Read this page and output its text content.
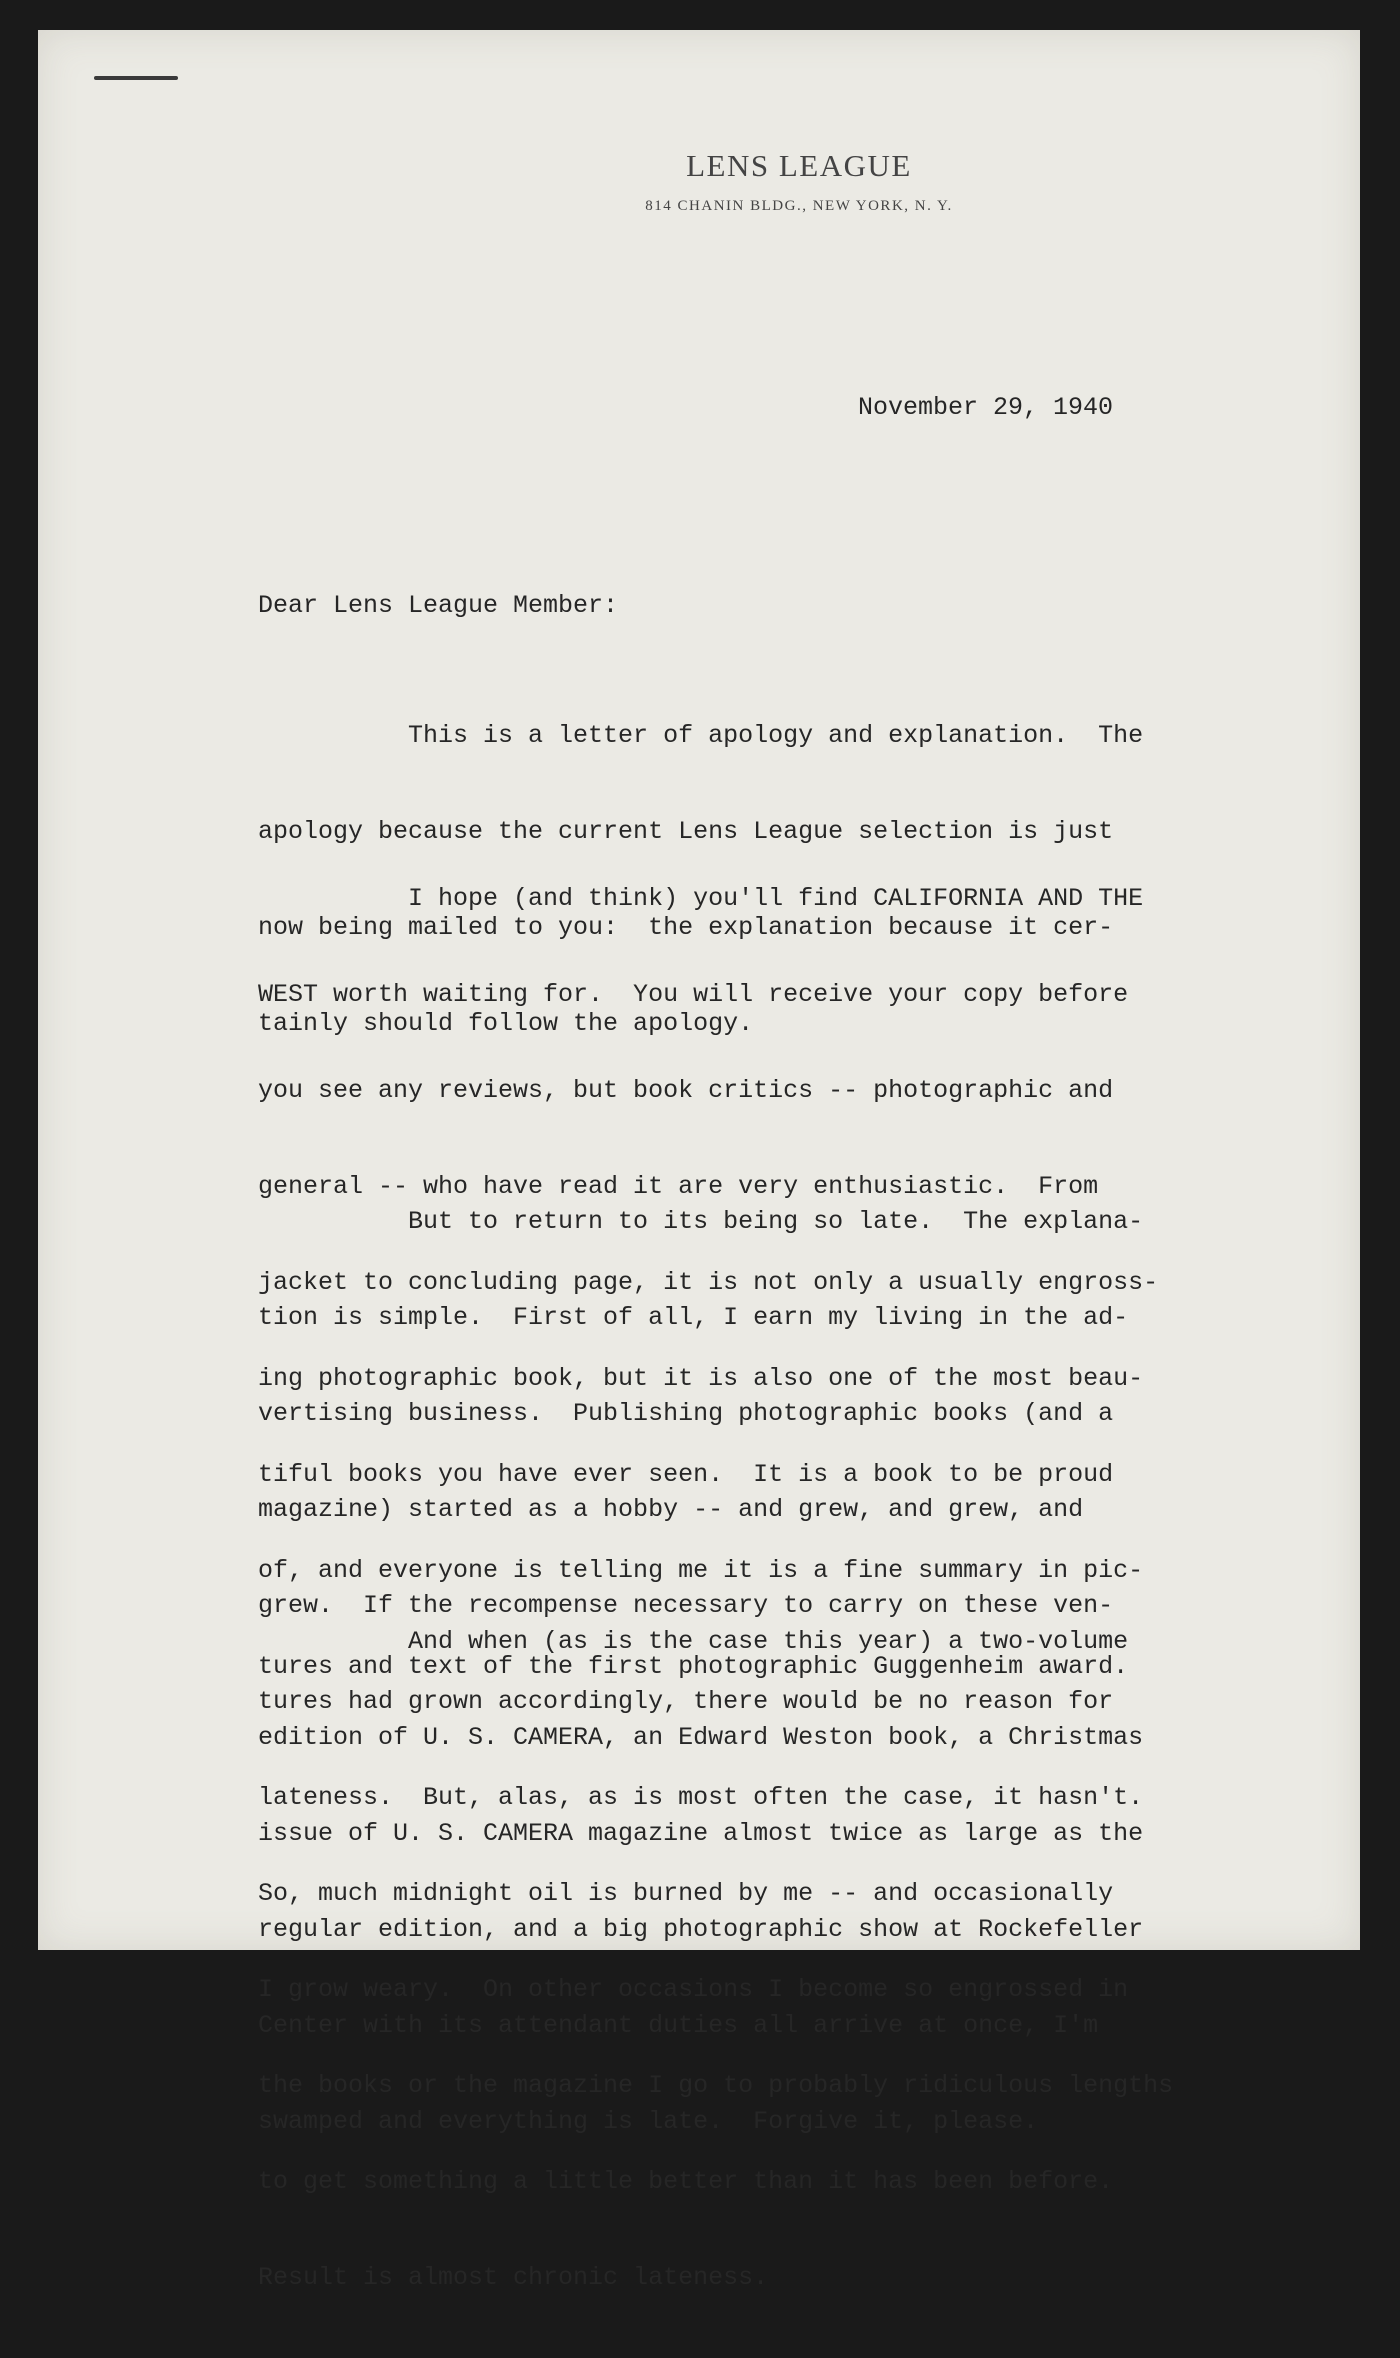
LENS LEAGUE
814 CHANIN BLDG., NEW YORK, N. Y.
November 29, 1940
Dear Lens League Member:

This is a letter of apology and explanation.  The

apology because the current Lens League selection is just

now being mailed to you:  the explanation because it cer-

tainly should follow the apology.

I hope (and think) you'll find CALIFORNIA AND THE

WEST worth waiting for.  You will receive your copy before

you see any reviews, but book critics -- photographic and

general -- who have read it are very enthusiastic.  From

jacket to concluding page, it is not only a usually engross-

ing photographic book, but it is also one of the most beau-

tiful books you have ever seen.  It is a book to be proud

of, and everyone is telling me it is a fine summary in pic-

tures and text of the first photographic Guggenheim award.

But to return to its being so late.  The explana-

tion is simple.  First of all, I earn my living in the ad-

vertising business.  Publishing photographic books (and a

magazine) started as a hobby -- and grew, and grew, and

grew.  If the recompense necessary to carry on these ven-

tures had grown accordingly, there would be no reason for

lateness.  But, alas, as is most often the case, it hasn't.

So, much midnight oil is burned by me -- and occasionally

I grow weary.  On other occasions I become so engrossed in

the books or the magazine I go to probably ridiculous lengths

to get something a little better than it has been before.

Result is almost chronic lateness.

And when (as is the case this year) a two-volume

edition of U. S. CAMERA, an Edward Weston book, a Christmas

issue of U. S. CAMERA magazine almost twice as large as the

regular edition, and a big photographic show at Rockefeller

Center with its attendant duties all arrive at once, I'm

swamped and everything is late.  Forgive it, please.
